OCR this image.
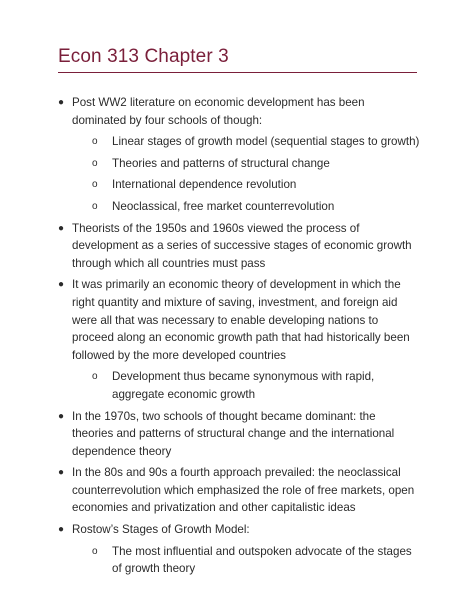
Econ 313 Chapter 3
● Post WW2 literature on economic development has been dominated by four schools of though:
o Linear stages of growth model (sequential stages to growth)
o Theories and patterns of structural change
o International dependence revolution
o Neoclassical, free market counterrevolution
● Theorists of the 1950s and 1960s viewed the process of development as a series of successive stages of economic growth through which all countries must pass
● It was primarily an economic theory of development in which the right quantity and mixture of saving, investment, and foreign aid were all that was necessary to enable developing nations to proceed along an economic growth path that had historically been followed by the more developed countries
o Development thus became synonymous with rapid, aggregate economic growth
● In the 1970s, two schools of thought became dominant: the theories and patterns of structural change and the international dependence theory
● In the 80s and 90s a fourth approach prevailed: the neoclassical counterrevolution which emphasized the role of free markets, open economies and privatization and other capitalistic ideas
● Rostow’s Stages of Growth Model:
o The most influential and outspoken advocate of the stages of growth theory
